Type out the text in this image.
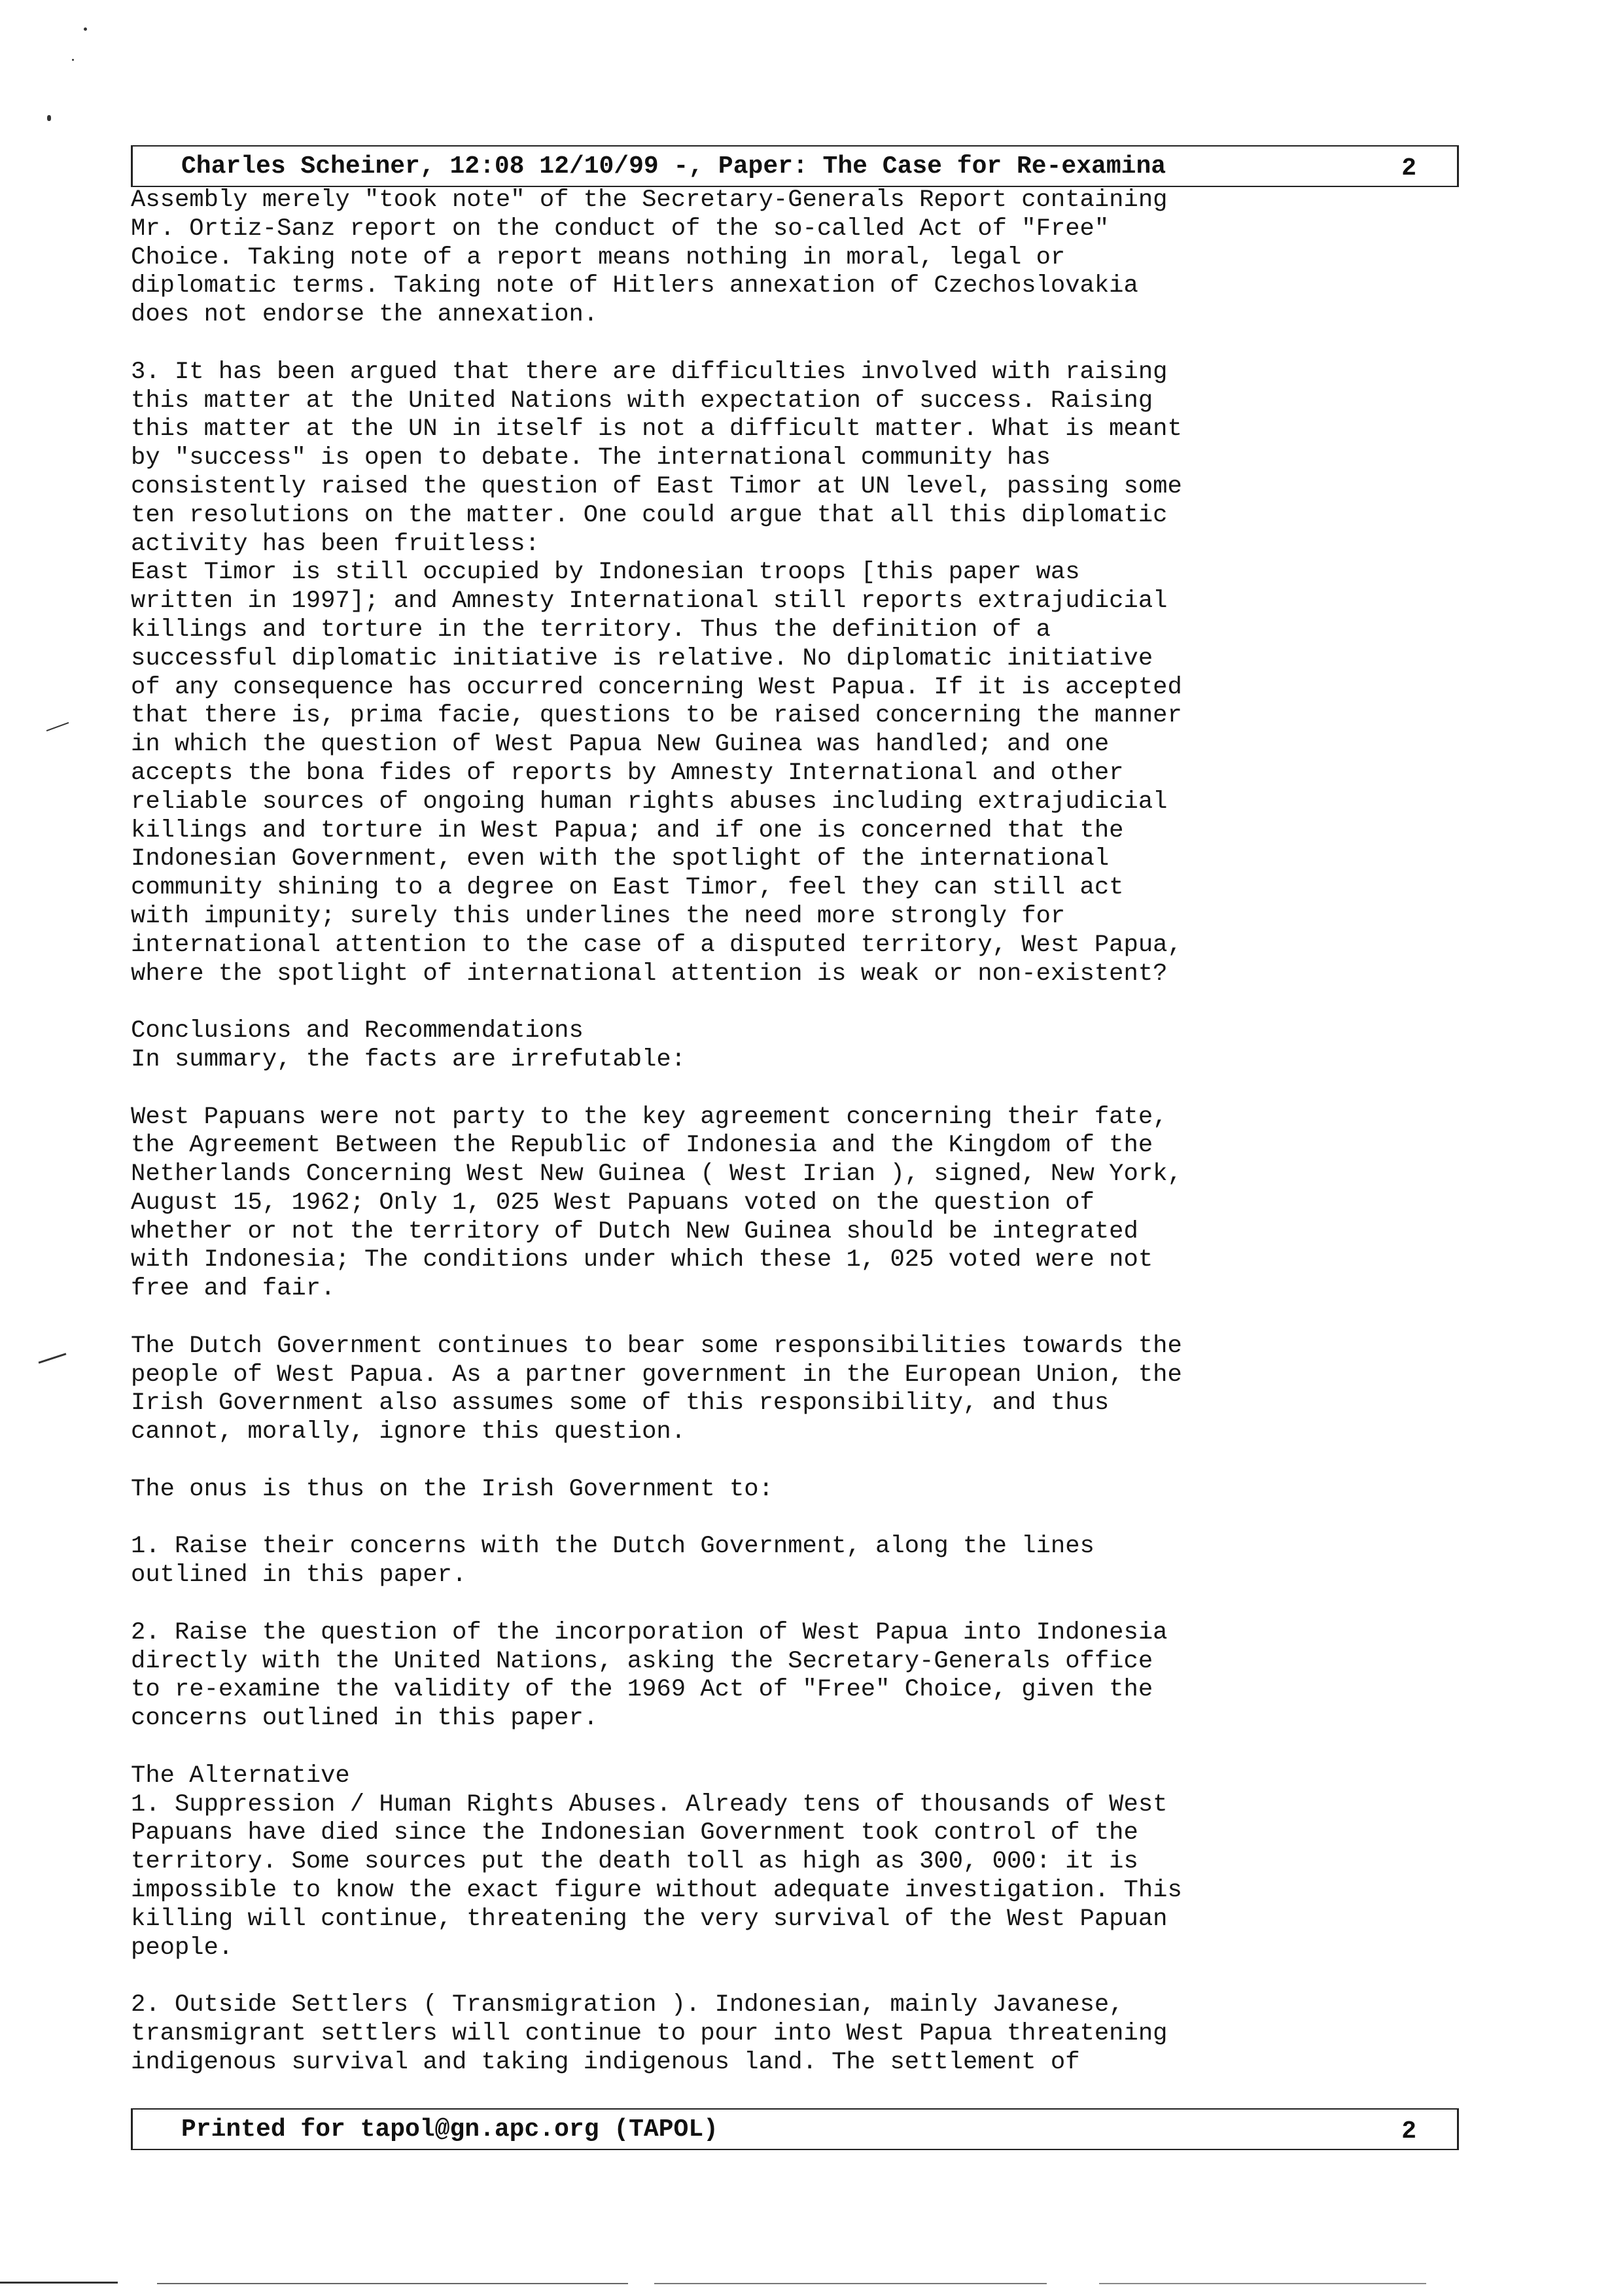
Charles Scheiner, 12:08 12/10/99 -, Paper: The Case for Re-examina	2
Assembly merely "took note" of the Secretary-Generals Report containing
Mr. Ortiz-Sanz report on the conduct of the so-called Act of "Free"
Choice. Taking note of a report means nothing in moral, legal or
diplomatic terms. Taking note of Hitlers annexation of Czechoslovakia
does not endorse the annexation.

3. It has been argued that there are difficulties involved with raising
this matter at the United Nations with expectation of success. Raising
this matter at the UN in itself is not a difficult matter. What is meant
by "success" is open to debate. The international community has
consistently raised the question of East Timor at UN level, passing some
ten resolutions on the matter. One could argue that all this diplomatic
activity has been fruitless:
East Timor is still occupied by Indonesian troops [this paper was
written in 1997]; and Amnesty International still reports extrajudicial
killings and torture in the territory. Thus the definition of a
successful diplomatic initiative is relative. No diplomatic initiative
of any consequence has occurred concerning West Papua. If it is accepted
that there is, prima facie, questions to be raised concerning the manner
in which the question of West Papua New Guinea was handled; and one
accepts the bona fides of reports by Amnesty International and other
reliable sources of ongoing human rights abuses including extrajudicial
killings and torture in West Papua; and if one is concerned that the
Indonesian Government, even with the spotlight of the international
community shining to a degree on East Timor, feel they can still act
with impunity; surely this underlines the need more strongly for
international attention to the case of a disputed territory, West Papua,
where the spotlight of international attention is weak or non-existent?

Conclusions and Recommendations
In summary, the facts are irrefutable:

West Papuans were not party to the key agreement concerning their fate,
the Agreement Between the Republic of Indonesia and the Kingdom of the
Netherlands Concerning West New Guinea ( West Irian ), signed, New York,
August 15, 1962; Only 1, 025 West Papuans voted on the question of
whether or not the territory of Dutch New Guinea should be integrated
with Indonesia; The conditions under which these 1, 025 voted were not
free and fair.

The Dutch Government continues to bear some responsibilities towards the
people of West Papua. As a partner government in the European Union, the
Irish Government also assumes some of this responsibility, and thus
cannot, morally, ignore this question.

The onus is thus on the Irish Government to:

1. Raise their concerns with the Dutch Government, along the lines
outlined in this paper.

2. Raise the question of the incorporation of West Papua into Indonesia
directly with the United Nations, asking the Secretary-Generals office
to re-examine the validity of the 1969 Act of "Free" Choice, given the
concerns outlined in this paper.

The Alternative
1. Suppression / Human Rights Abuses. Already tens of thousands of West
Papuans have died since the Indonesian Government took control of the
territory. Some sources put the death toll as high as 300, 000: it is
impossible to know the exact figure without adequate investigation. This
killing will continue, threatening the very survival of the West Papuan
people.

2. Outside Settlers ( Transmigration ). Indonesian, mainly Javanese,
transmigrant settlers will continue to pour into West Papua threatening
indigenous survival and taking indigenous land. The settlement of
Printed for tapol@gn.apc.org (TAPOL)	2
